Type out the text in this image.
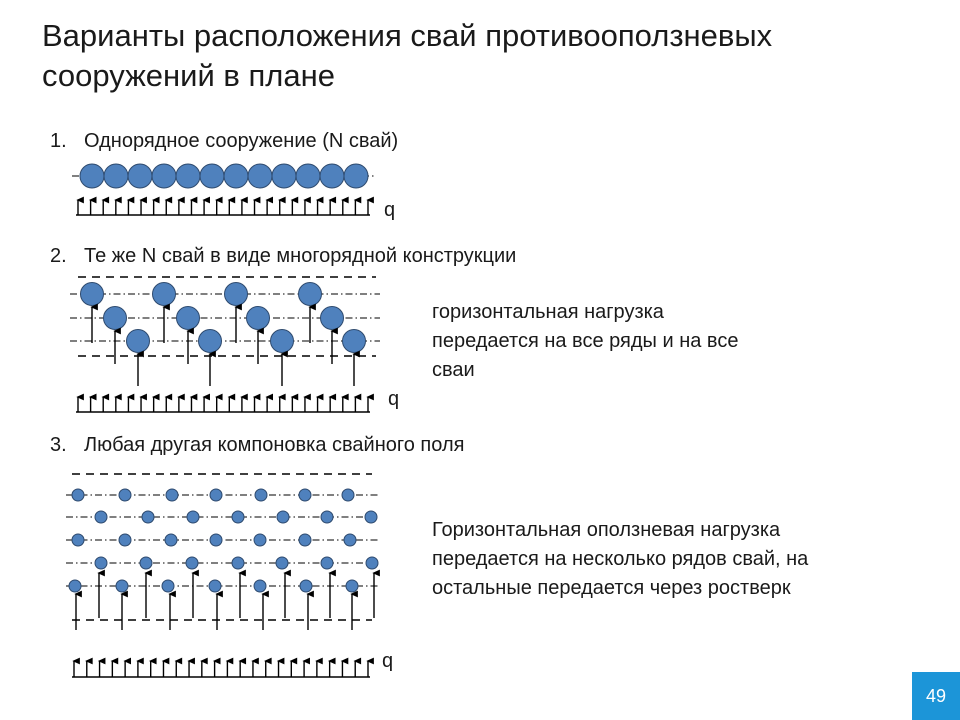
Варианты расположения свай противооползневых сооружений в плане
1. Однорядное сооружение (N свай)
2. Те же N свай в виде многорядной конструкции
3. Любая другая компоновка свайного поля
горизонтальная нагрузка передается на все ряды и на все сваи
Горизонтальная оползневая нагрузка передается на несколько рядов свай, на остальные передается через ростверк
q
q
q
49
